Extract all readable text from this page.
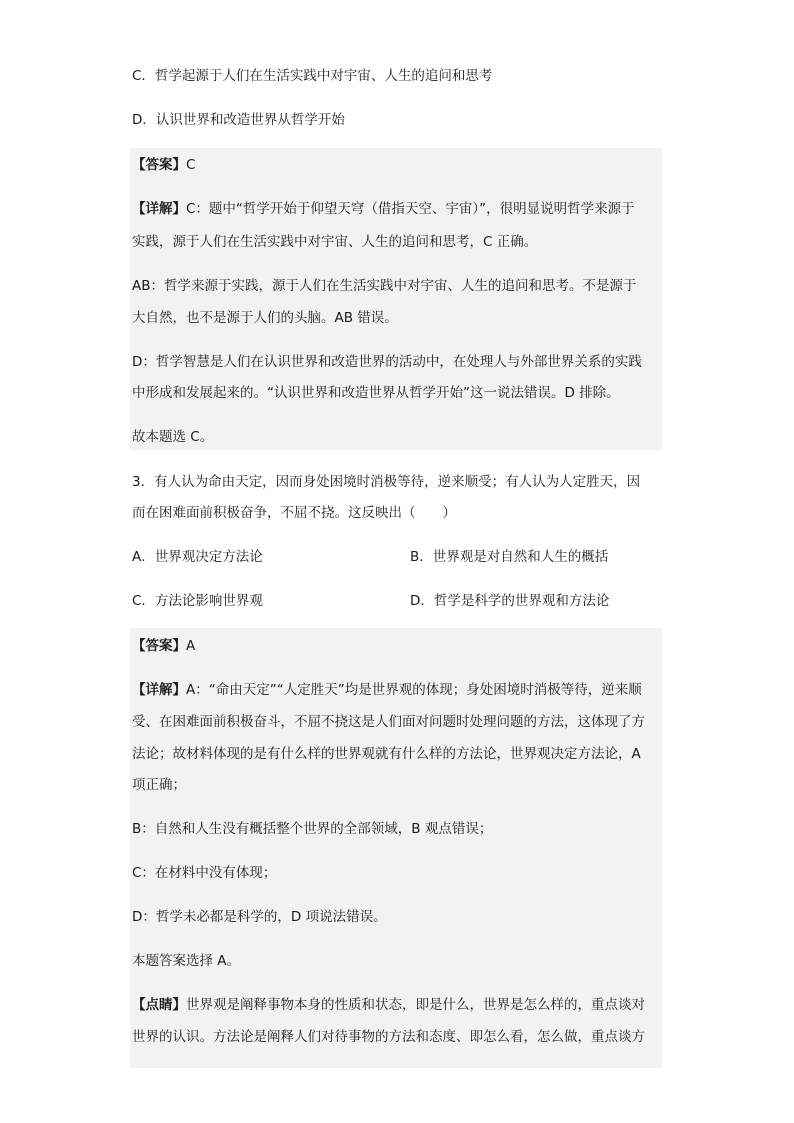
C．哲学起源于人们在生活实践中对宇宙、人生的追问和思考
D．认识世界和改造世界从哲学开始
【答案】C
【详解】C：题中“哲学开始于仰望天穹（借指天空、宇宙）”，很明显说明哲学来源于
实践，源于人们在生活实践中对宇宙、人生的追问和思考，C 正确。
AB：哲学来源于实践，源于人们在生活实践中对宇宙、人生的追问和思考。不是源于
大自然，也不是源于人们的头脑。AB 错误。
D：哲学智慧是人们在认识世界和改造世界的活动中，在处理人与外部世界关系的实践
中形成和发展起来的。“认识世界和改造世界从哲学开始”这一说法错误。D 排除。
故本题选 C。
3．有人认为命由天定，因而身处困境时消极等待，逆来顺受；有人认为人定胜天，因
而在困难面前积极奋争，不屈不挠。这反映出（　　）
A．世界观决定方法论	B．世界观是对自然和人生的概括
C．方法论影响世界观	D．哲学是科学的世界观和方法论
【答案】A
【详解】A：“命由天定”“人定胜天”均是世界观的体现；身处困境时消极等待，逆来顺
受、在困难面前积极奋斗，不屈不挠这是人们面对问题时处理问题的方法，这体现了方
法论；故材料体现的是有什么样的世界观就有什么样的方法论，世界观决定方法论，A
项正确；
B：自然和人生没有概括整个世界的全部领域，B 观点错误；
C：在材料中没有体现；
D：哲学未必都是科学的，D 项说法错误。
本题答案选择 A。
【点睛】世界观是阐释事物本身的性质和状态，即是什么，世界是怎么样的，重点谈对
世界的认识。方法论是阐释人们对待事物的方法和态度、即怎么看，怎么做，重点谈方
